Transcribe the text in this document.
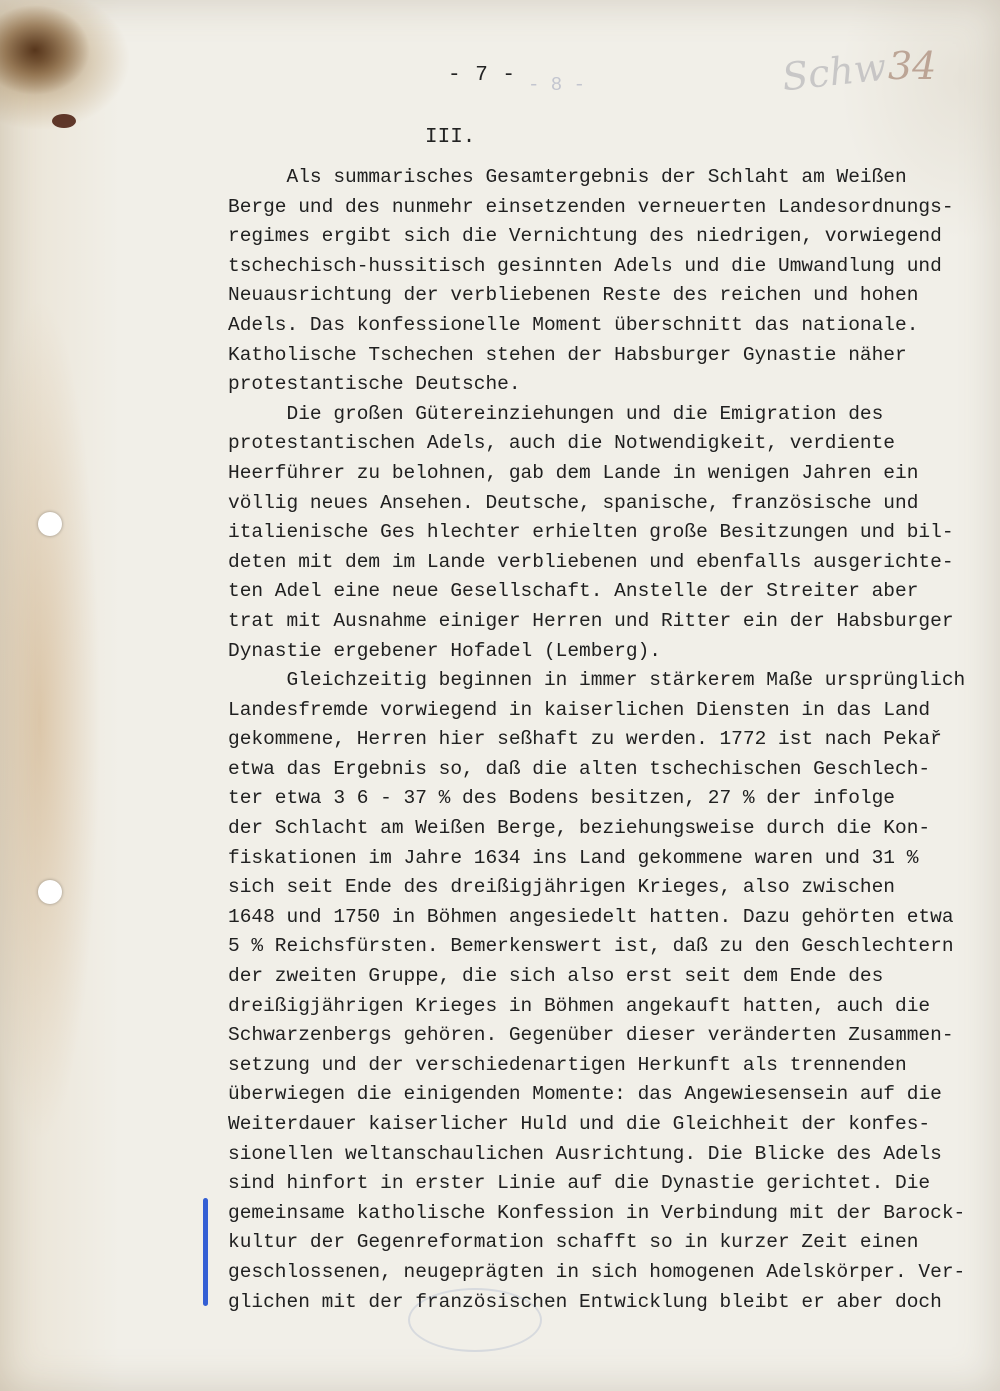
- 7 - - 8 -	Schw 34
III.
Als summarisches Gesamtergebnis der Schlaht am Weißen
Berge und des nunmehr einsetzenden verneuerten Landesordnungs-
regimes ergibt sich die Vernichtung des niedrigen, vorwiegend
tschechisch-hussitisch gesinnten Adels und die Umwandlung und
Neuausrichtung der verbliebenen Reste des reichen und hohen
Adels. Das konfessionelle Moment überschnitt das nationale.
Katholische Tschechen stehen der Habsburger Gynastie näher
protestantische Deutsche.
Die großen Gütereinziehungen und die Emigration des
protestantischen Adels, auch die Notwendigkeit, verdiente
Heerführer zu belohnen, gab dem Lande in wenigen Jahren ein
völlig neues Ansehen. Deutsche, spanische, französische und
italienische Ges hlechter erhielten große Besitzungen und bil-
deten mit dem im Lande verbliebenen und ebenfalls ausgerichte-
ten Adel eine neue Gesellschaft. Anstelle der Streiter aber
trat mit Ausnahme einiger Herren und Ritter ein der Habsburger
Dynastie ergebener Hofadel (Lemberg).
Gleichzeitig beginnen in immer stärkerem Maße ursprünglich
Landesfremde vorwiegend in kaiserlichen Diensten in das Land
gekommene, Herren hier seßhaft zu werden. 1772 ist nach Pekař
etwa das Ergebnis so, daß die alten tschechischen Geschlech-
ter etwa 3 6 - 37 % des Bodens besitzen, 27 % der infolge
der Schlacht am Weißen Berge, beziehungsweise durch die Kon-
fiskationen im Jahre 1634 ins Land gekommene waren und 31 %
sich seit Ende des dreißigjährigen Krieges, also zwischen
1648 und 1750 in Böhmen angesiedelt hatten. Dazu gehörten etwa
5 % Reichsfürsten. Bemerkenswert ist, daß zu den Geschlechtern
der zweiten Gruppe, die sich also erst seit dem Ende des
dreißigjährigen Krieges in Böhmen angekauft hatten, auch die
Schwarzenbergs gehören. Gegenüber dieser veränderten Zusammen-
setzung und der verschiedenartigen Herkunft als trennenden
überwiegen die einigenden Momente: das Angewiesensein auf die
Weiterdauer kaiserlicher Huld und die Gleichheit der konfes-
sionellen weltanschaulichen Ausrichtung. Die Blicke des Adels
sind hinfort in erster Linie auf die Dynastie gerichtet. Die
gemeinsame katholische Konfession in Verbindung mit der Barock-
kultur der Gegenreformation schafft so in kurzer Zeit einen
geschlossenen, neugeprägten in sich homogenen Adelskörper. Ver-
glichen mit der französischen Entwicklung bleibt er aber doch
